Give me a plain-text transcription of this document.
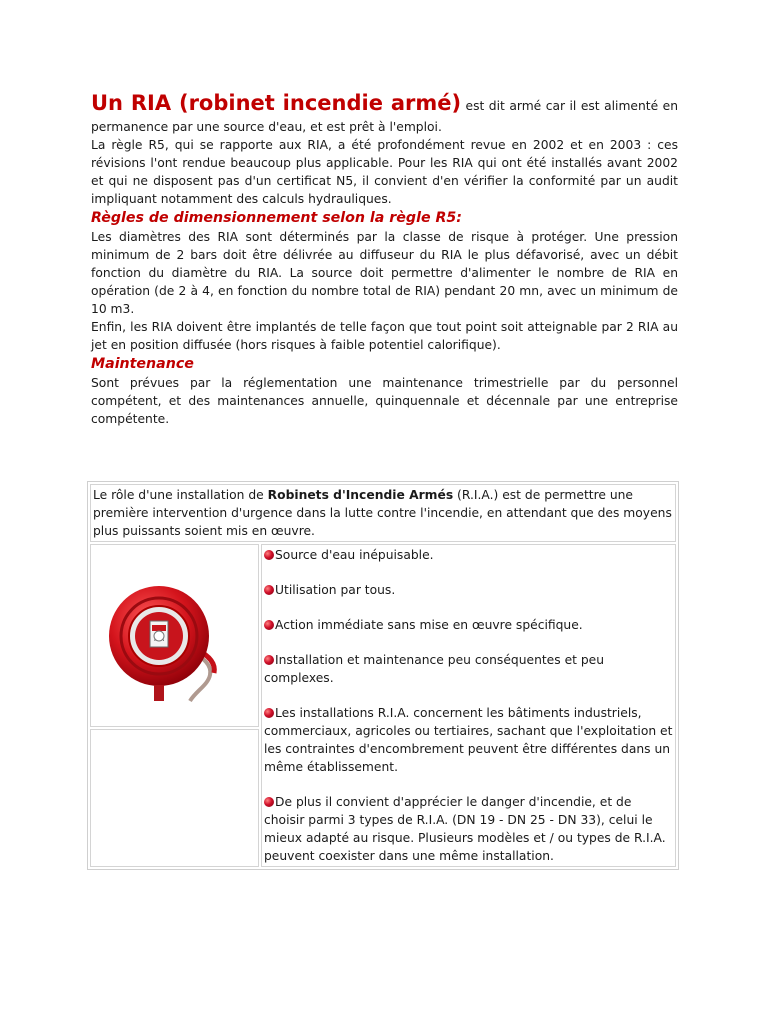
Un RIA (robinet incendie armé) est dit armé car il est alimenté en permanence par une source d'eau, et est prêt à l'emploi.

La règle R5, qui se rapporte aux RIA, a été profondément revue en 2002 et en 2003 : ces révisions l'ont rendue beaucoup plus applicable. Pour les RIA qui ont été installés avant 2002 et qui ne disposent pas d'un certificat N5, il convient d'en vérifier la conformité par un audit impliquant notamment des calculs hydrauliques.

Règles de dimensionnement selon la règle R5:

Les diamètres des RIA sont déterminés par la classe de risque à protéger. Une pression minimum de 2 bars doit être délivrée au diffuseur du RIA le plus défavorisé, avec un débit fonction du diamètre du RIA. La source doit permettre d'alimenter le nombre de RIA en opération (de 2 à 4, en fonction du nombre total de RIA) pendant 20 mn, avec un minimum de 10 m3.

Enfin, les RIA doivent être implantés de telle façon que tout point soit atteignable par 2 RIA au jet en position diffusée (hors risques à faible potentiel calorifique).

Maintenance

Sont prévues par la réglementation une maintenance trimestrielle par du personnel compétent, et des maintenances annuelle, quinquennale et décennale par une entreprise compétente.

Le rôle d'une installation de Robinets d'Incendie Armés (R.I.A.) est de permettre une première intervention d'urgence dans la lutte contre l'incendie, en attendant que des moyens plus puissants soient mis en œuvre.

Source d'eau inépuisable.
Utilisation par tous.
Action immédiate sans mise en œuvre spécifique.
Installation et maintenance peu conséquentes et peu complexes.
Les installations R.I.A. concernent les bâtiments industriels, commerciaux, agricoles ou tertiaires, sachant que l'exploitation et les contraintes d'encombrement peuvent être différentes dans un même établissement.
De plus il convient d'apprécier le danger d'incendie, et de choisir parmi 3 types de R.I.A. (DN 19 - DN 25 - DN 33), celui le mieux adapté au risque. Plusieurs modèles et / ou types de R.I.A. peuvent coexister dans une même installation.
